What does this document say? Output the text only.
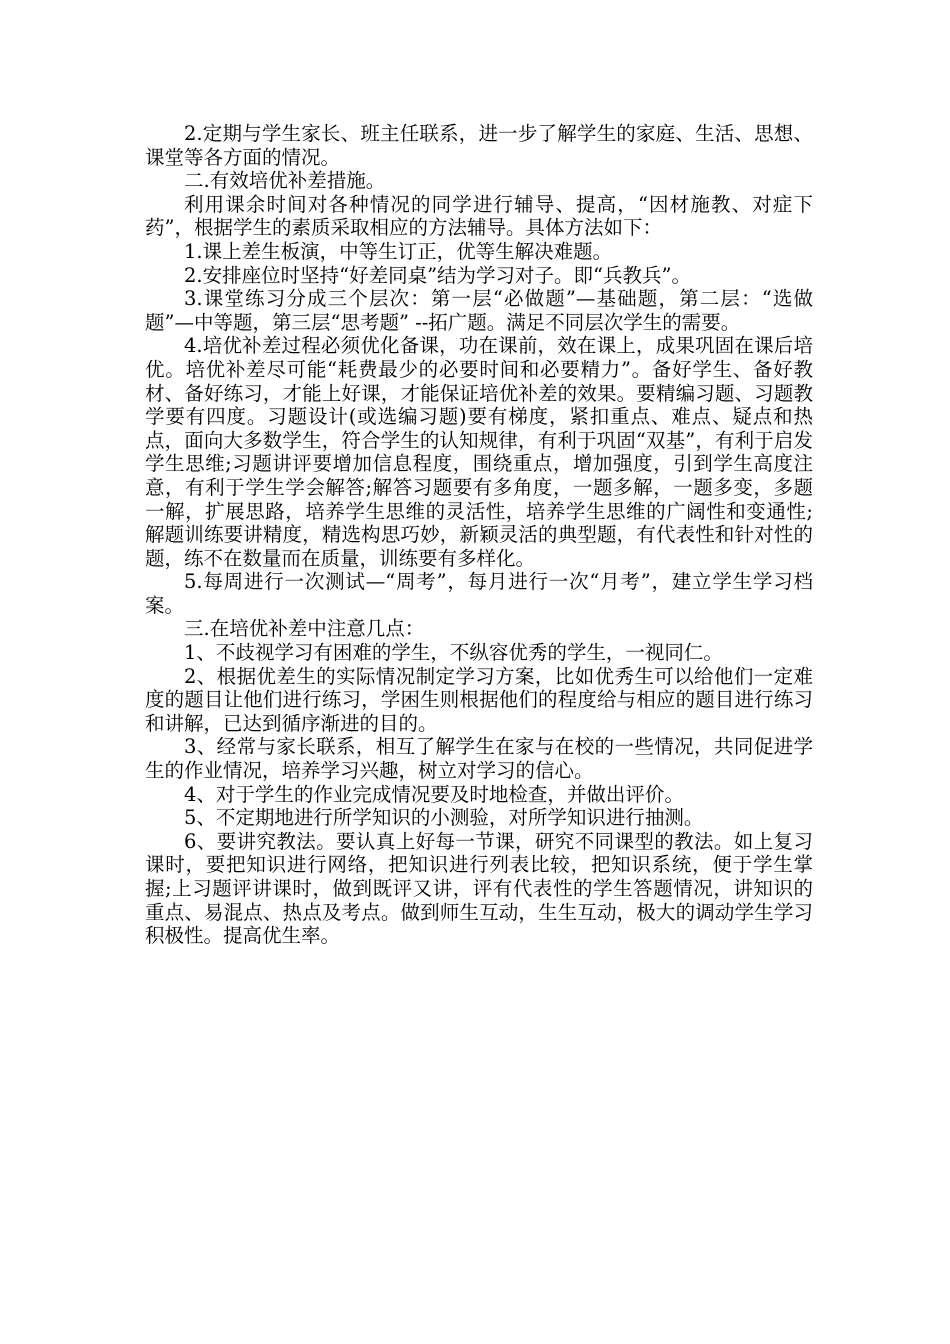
2.定期与学生家长、班主任联系，进一步了解学生的家庭、生活、思想、课堂等各方面的情况。

二.有效培优补差措施。

利用课余时间对各种情况的同学进行辅导、提高，“因材施教、对症下药”，根据学生的素质采取相应的方法辅导。具体方法如下：

1.课上差生板演，中等生订正，优等生解决难题。

2.安排座位时坚持“好差同桌”结为学习对子。即“兵教兵”。

3.课堂练习分成三个层次：第一层“必做题”—基础题，第二层：“选做题”—中等题，第三层“思考题” --拓广题。满足不同层次学生的需要。

4.培优补差过程必须优化备课，功在课前，效在课上，成果巩固在课后培优。培优补差尽可能“耗费最少的必要时间和必要精力”。备好学生、备好教材、备好练习，才能上好课，才能保证培优补差的效果。要精编习题、习题教学要有四度。习题设计(或选编习题)要有梯度，紧扣重点、难点、疑点和热点，面向大多数学生，符合学生的认知规律，有利于巩固“双基”，有利于启发学生思维;习题讲评要增加信息程度，围绕重点，增加强度，引到学生高度注意，有利于学生学会解答;解答习题要有多角度，一题多解，一题多变，多题一解，扩展思路，培养学生思维的灵活性，培养学生思维的广阔性和变通性;解题训练要讲精度，精选构思巧妙，新颖灵活的典型题，有代表性和针对性的题，练不在数量而在质量，训练要有多样化。

5.每周进行一次测试—“周考”，每月进行一次“月考”，建立学生学习档案。

三.在培优补差中注意几点：

1、不歧视学习有困难的学生，不纵容优秀的学生，一视同仁。

2、根据优差生的实际情况制定学习方案，比如优秀生可以给他们一定难度的题目让他们进行练习，学困生则根据他们的程度给与相应的题目进行练习和讲解，已达到循序渐进的目的。

3、经常与家长联系，相互了解学生在家与在校的一些情况，共同促进学生的作业情况，培养学习兴趣，树立对学习的信心。

4、对于学生的作业完成情况要及时地检查，并做出评价。

5、不定期地进行所学知识的小测验，对所学知识进行抽测。

6、要讲究教法。要认真上好每一节课，研究不同课型的教法。如上复习课时，要把知识进行网络，把知识进行列表比较，把知识系统，便于学生掌握;上习题评讲课时，做到既评又讲，评有代表性的学生答题情况，讲知识的重点、易混点、热点及考点。做到师生互动，生生互动，极大的调动学生学习积极性。提高优生率。
